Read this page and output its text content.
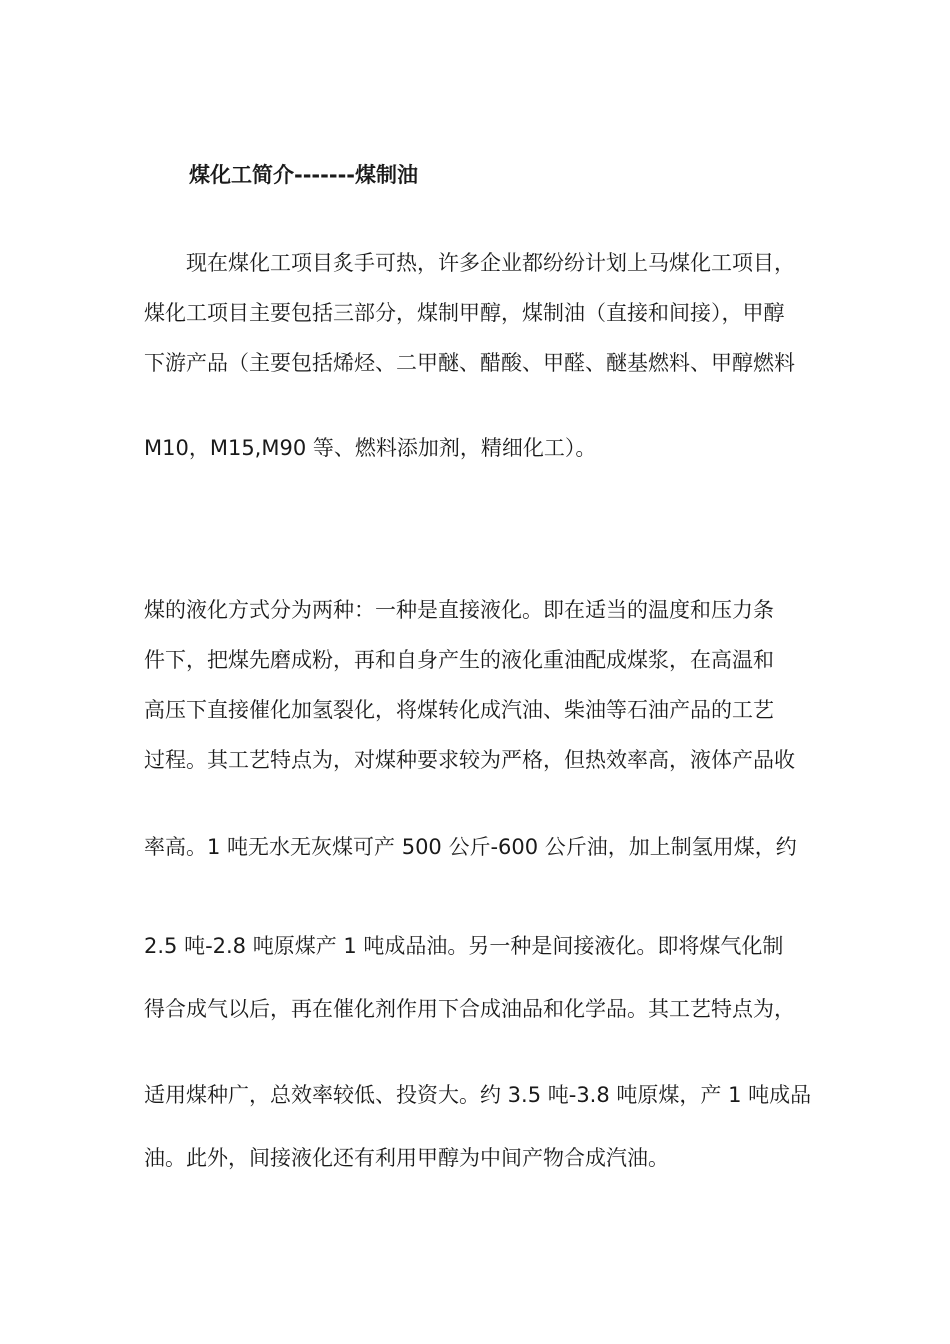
煤化工简介-------煤制油

　　现在煤化工项目炙手可热，许多企业都纷纷计划上马煤化工项目，

煤化工项目主要包括三部分，煤制甲醇，煤制油（直接和间接），甲醇

下游产品（主要包括烯烃、二甲醚、醋酸、甲醛、醚基燃料、甲醇燃料

M10，M15,M90 等、燃料添加剂，精细化工）。

煤的液化方式分为两种：一种是直接液化。即在适当的温度和压力条

件下，把煤先磨成粉，再和自身产生的液化重油配成煤浆，在高温和

高压下直接催化加氢裂化，将煤转化成汽油、柴油等石油产品的工艺

过程。其工艺特点为，对煤种要求较为严格，但热效率高，液体产品收

率高。1 吨无水无灰煤可产 500 公斤-600 公斤油，加上制氢用煤，约

2.5 吨-2.8 吨原煤产 1 吨成品油。另一种是间接液化。即将煤气化制

得合成气以后，再在催化剂作用下合成油品和化学品。其工艺特点为，

适用煤种广，总效率较低、投资大。约 3.5 吨-3.8 吨原煤，产 1 吨成品

油。此外，间接液化还有利用甲醇为中间产物合成汽油。
